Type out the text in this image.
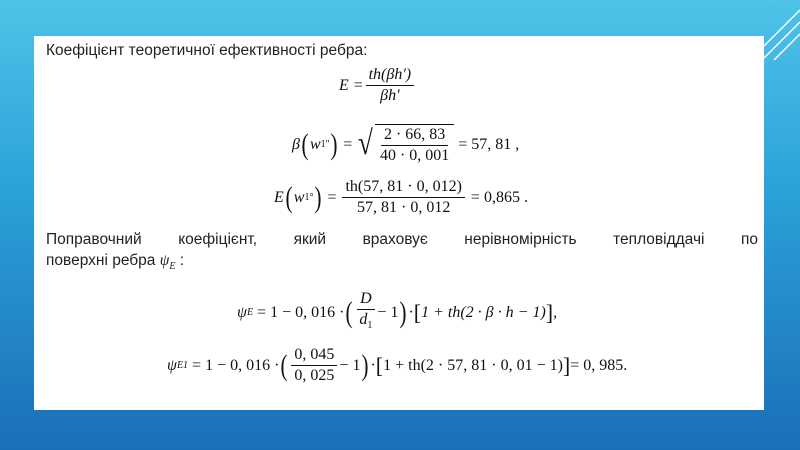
Коефіцієнт теоретичної ефективності ребра:
$E = \frac{th(\beta h')}{\beta h'}$
β ( w 1 '' ) = √ $\frac{2 \cdot 66, 83}{40 \cdot 0, 001} = 57$, 81 ,
E ( w 1 ° ) = $\frac{th(57, 81 \cdot 0, 012)}{57, 81 \cdot 0, 012} = 0,865$ .
Поправочний коефіцієнт, який враховує нерівномірність тепловіддачі по
поверхні ребра $\psi_E$ :
ψ E = 1 − 0, 016 · ( $\frac{D}{d_1} - 1$ ) · [ 1 + th(2 · β · h − 1) ] ,
ψ E1 = 1 − 0, 016 · ( $\frac{0, 045}{0, 025} - 1$ ) · [ 1 + th(2 · 57, 81 · 0, 01 − 1) ] = 0, 985.
